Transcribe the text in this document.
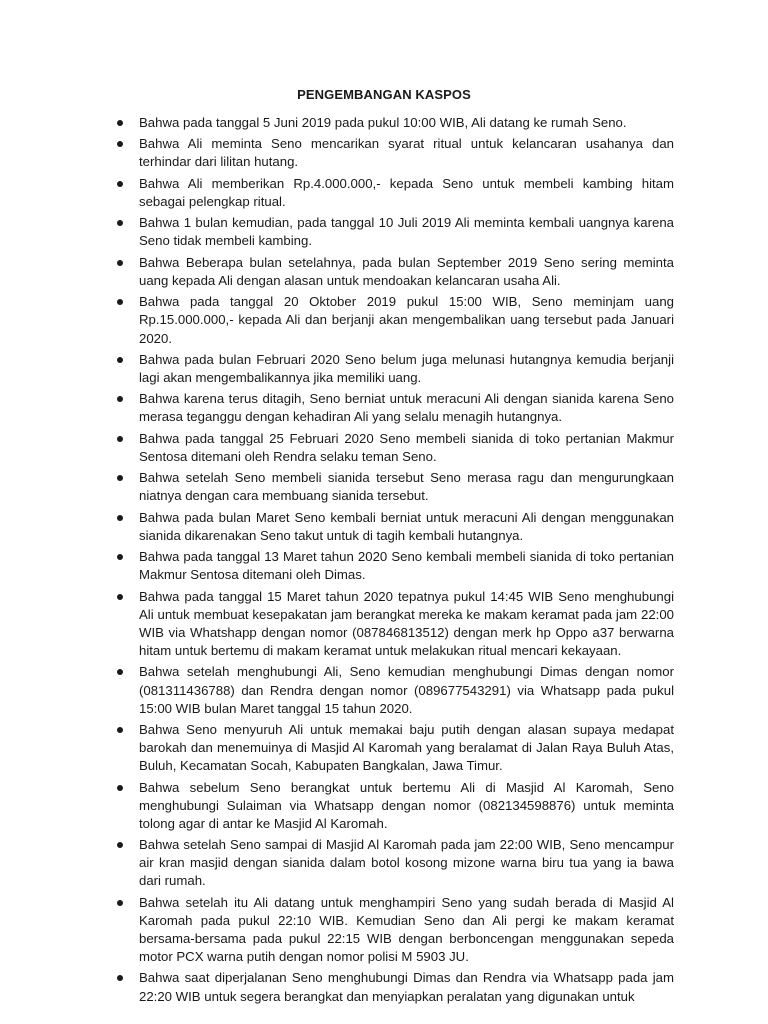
PENGEMBANGAN KASPOS
Bahwa pada tanggal 5 Juni 2019 pada pukul 10:00 WIB, Ali datang ke rumah Seno.
Bahwa Ali meminta Seno mencarikan syarat ritual untuk kelancaran usahanya dan terhindar dari lilitan hutang.
Bahwa Ali memberikan Rp.4.000.000,- kepada Seno untuk membeli kambing hitam sebagai pelengkap ritual.
Bahwa 1 bulan kemudian, pada tanggal 10 Juli 2019 Ali meminta kembali uangnya karena Seno tidak membeli kambing.
Bahwa Beberapa bulan setelahnya, pada bulan September 2019 Seno sering meminta uang kepada Ali dengan alasan untuk mendoakan kelancaran usaha Ali.
Bahwa pada tanggal 20 Oktober 2019 pukul 15:00 WIB, Seno meminjam uang Rp.15.000.000,- kepada Ali dan berjanji akan mengembalikan uang tersebut pada Januari 2020.
Bahwa pada bulan Februari 2020 Seno belum juga melunasi hutangnya kemudia berjanji lagi akan mengembalikannya jika memiliki uang.
Bahwa karena terus ditagih, Seno berniat untuk meracuni Ali dengan sianida karena Seno merasa teganggu dengan kehadiran Ali yang selalu menagih hutangnya.
Bahwa pada tanggal 25 Februari 2020 Seno membeli sianida di toko pertanian Makmur Sentosa ditemani oleh Rendra selaku teman Seno.
Bahwa setelah Seno membeli sianida tersebut Seno merasa ragu dan mengurungkaan niatnya dengan cara membuang sianida tersebut.
Bahwa pada bulan Maret Seno kembali berniat untuk meracuni Ali dengan menggunakan sianida dikarenakan Seno takut untuk di tagih kembali hutangnya.
Bahwa pada tanggal 13 Maret tahun 2020 Seno kembali membeli sianida di toko pertanian Makmur Sentosa ditemani oleh Dimas.
Bahwa pada tanggal 15 Maret tahun 2020 tepatnya pukul 14:45 WIB Seno menghubungi Ali untuk membuat kesepakatan jam berangkat mereka ke makam keramat pada jam 22:00 WIB via Whatshapp dengan nomor (087846813512) dengan merk hp Oppo a37 berwarna hitam untuk bertemu di makam keramat untuk melakukan ritual mencari kekayaan.
Bahwa setelah menghubungi Ali, Seno kemudian menghubungi Dimas dengan nomor (081311436788) dan Rendra dengan nomor (089677543291) via Whatsapp pada pukul 15:00 WIB bulan Maret tanggal 15 tahun 2020.
Bahwa Seno menyuruh Ali untuk memakai baju putih dengan alasan supaya medapat barokah dan menemuinya di Masjid Al Karomah yang beralamat di Jalan Raya Buluh Atas, Buluh, Kecamatan Socah, Kabupaten Bangkalan, Jawa Timur.
Bahwa sebelum Seno berangkat untuk bertemu Ali di Masjid Al Karomah, Seno menghubungi Sulaiman via Whatsapp dengan nomor (082134598876) untuk meminta tolong agar di antar ke Masjid Al Karomah.
Bahwa setelah Seno sampai di Masjid Al Karomah pada jam 22:00 WIB, Seno mencampur air kran masjid dengan sianida dalam botol kosong mizone warna biru tua yang ia bawa dari rumah.
Bahwa setelah itu Ali datang untuk menghampiri Seno yang sudah berada di Masjid Al Karomah pada pukul 22:10 WIB. Kemudian Seno dan Ali pergi ke makam keramat bersama-bersama pada pukul 22:15 WIB dengan berboncengan menggunakan sepeda motor PCX warna putih dengan nomor polisi M 5903 JU.
Bahwa saat diperjalanan Seno menghubungi Dimas dan Rendra via Whatsapp pada jam 22:20 WIB untuk segera berangkat dan menyiapkan peralatan yang digunakan untuk
